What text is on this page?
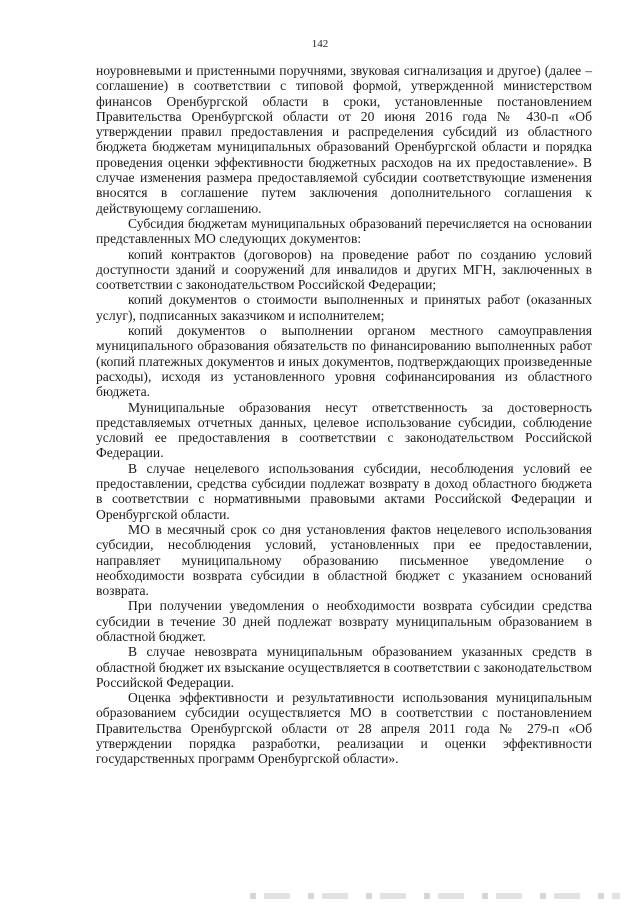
142

ноуровневыми и пристенными поручнями, звуковая сигнализация и другое) (далее – соглашение) в соответствии с типовой формой, утвержденной министерством финансов Оренбургской области в сроки, установленные постановлением Правительства Оренбургской области от 20 июня 2016 года № 430-п «Об утверждении правил предоставления и распределения субсидий из областного бюджета бюджетам муниципальных образований Оренбургской области и порядка проведения оценки эффективности бюджетных расходов на их предоставление». В случае изменения размера предоставляемой субсидии соответствующие изменения вносятся в соглашение путем заключения дополнительного соглашения к действующему соглашению.

Субсидия бюджетам муниципальных образований перечисляется на основании представленных МО следующих документов:

копий контрактов (договоров) на проведение работ по созданию условий доступности зданий и сооружений для инвалидов и других МГН, заключенных в соответствии с законодательством Российской Федерации;

копий документов о стоимости выполненных и принятых работ (оказанных услуг), подписанных заказчиком и исполнителем;

копий документов о выполнении органом местного самоуправления муниципального образования обязательств по финансированию выполненных работ (копий платежных документов и иных документов, подтверждающих произведенные расходы), исходя из установленного уровня софинансирования из областного бюджета.

Муниципальные образования несут ответственность за достоверность представляемых отчетных данных, целевое использование субсидии, соблюдение условий ее предоставления в соответствии с законодательством Российской Федерации.

В случае нецелевого использования субсидии, несоблюдения условий ее предоставлении, средства субсидии подлежат возврату в доход областного бюджета в соответствии с нормативными правовыми актами Российской Федерации и Оренбургской области.

МО в месячный срок со дня установления фактов нецелевого использования субсидии, несоблюдения условий, установленных при ее предоставлении, направляет муниципальному образованию письменное уведомление о необходимости возврата субсидии в областной бюджет с указанием оснований возврата.

При получении уведомления о необходимости возврата субсидии средства субсидии в течение 30 дней подлежат возврату муниципальным образованием в областной бюджет.

В случае невозврата муниципальным образованием указанных средств в областной бюджет их взыскание осуществляется в соответствии с законодательством Российской Федерации.

Оценка эффективности и результативности использования муниципальным образованием субсидии осуществляется МО в соответствии с постановлением Правительства Оренбургской области от 28 апреля 2011 года № 279-п «Об утверждении порядка разработки, реализации и оценки эффективности государственных программ Оренбургской области».
